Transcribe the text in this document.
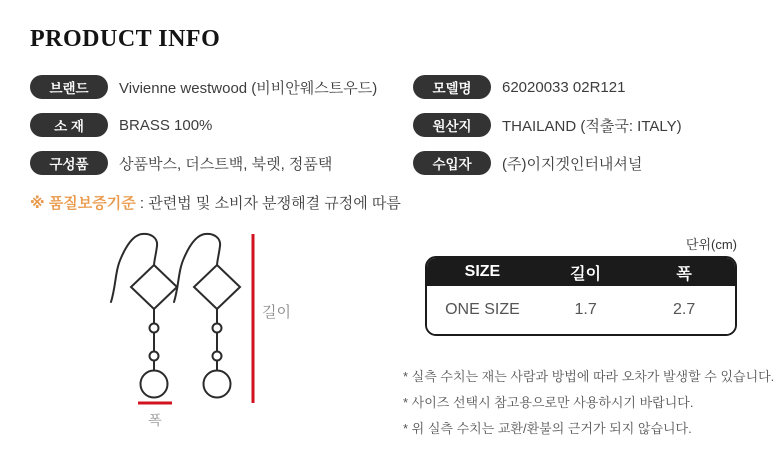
PRODUCT INFO
브랜드	Vivienne westwood (비비안웨스트우드)
소 재	BRASS 100%
구성품	상품박스, 더스트백, 북렛, 정품택
모델명	62020033 02R121
원산지	THAILAND (적출국: ITALY)
수입자	(주)이지겟인터내셔널
※ 품질보증기준 : 관련법 및 소비자 분쟁해결 규정에 따름
길이
폭
단위(cm)
SIZE	길이	폭
ONE SIZE	1.7	2.7
* 실측 수치는 재는 사람과 방법에 따라 오차가 발생할 수 있습니다.
* 사이즈 선택시 참고용으로만 사용하시기 바랍니다.
* 위 실측 수치는 교환/환불의 근거가 되지 않습니다.
